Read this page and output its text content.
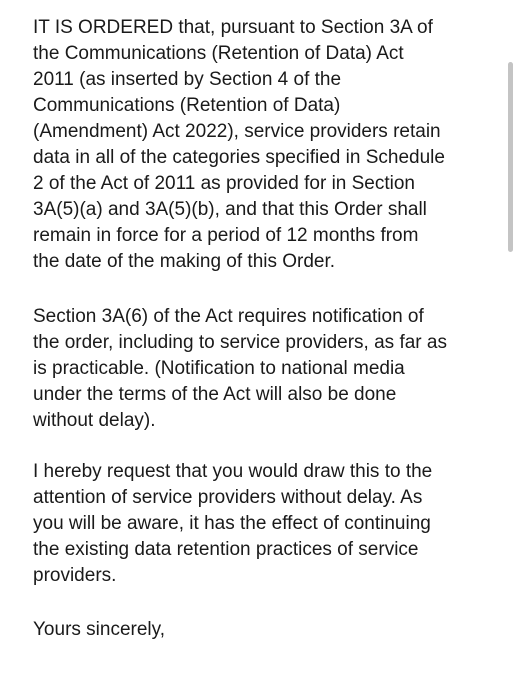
IT IS ORDERED that, pursuant to Section 3A of
the Communications (Retention of Data) Act
2011 (as inserted by Section 4 of the
Communications (Retention of Data)
(Amendment) Act 2022), service providers retain
data in all of the categories specified in Schedule
2 of the Act of 2011 as provided for in Section
3A(5)(a) and 3A(5)(b), and that this Order shall
remain in force for a period of 12 months from
the date of the making of this Order.
Section 3A(6) of the Act requires notification of
the order, including to service providers, as far as
is practicable. (Notification to national media
under the terms of the Act will also be done
without delay).
I hereby request that you would draw this to the
attention of service providers without delay. As
you will be aware, it has the effect of continuing
the existing data retention practices of service
providers.
Yours sincerely,
